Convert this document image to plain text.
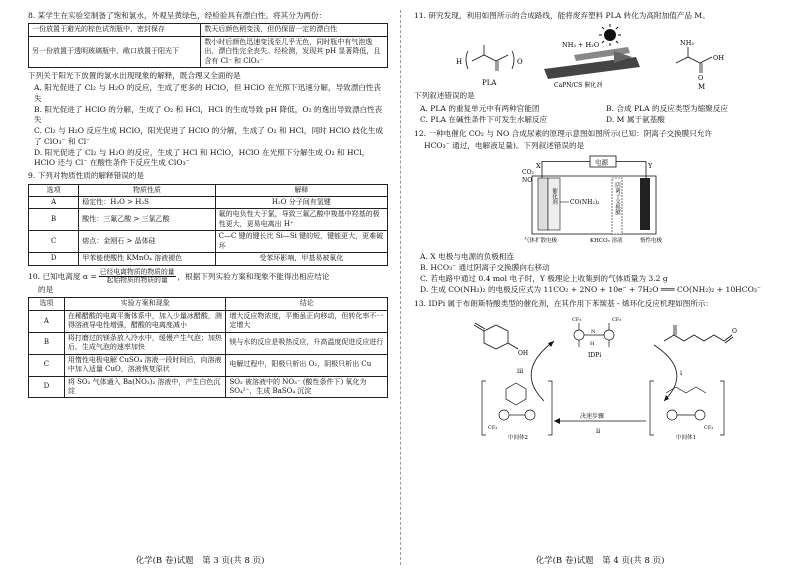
8. 某学生在实验室制备了饱和氯水，外观呈黄绿色，经检验具有漂白性。将其分为两份：

一份放置于避光的棕色试剂瓶中，密封保存	数天后颜色稍变浅，但仍保留一定的漂白性
另一份放置于透明玻璃瓶中，敞口放置于阳光下	数小时后颜色迅速变浅至几乎无色，同时瓶中有气泡逸出，漂白性完全丧失。经检测，发现其 pH 显著降低，且含有 Cl⁻ 和 ClO₃⁻

下列关于阳光下放置的氯水出现现象的解释，既合理又全面的是

A. 阳光促进了 Cl₂ 与 H₂O 的反应，生成了更多的 HClO，但 HClO 在光照下迅速分解，导致漂白性丧失

B. 阳光促进了 HClO 的分解，生成了 O₂ 和 HCl，HCl 的生成导致 pH 降低，O₂ 的逸出导致漂白性丧失

C. Cl₂ 与 H₂O 反应生成 HClO，阳光促进了 HClO 的分解，生成了 O₂ 和 HCl，同时 HClO 歧化生成了 ClO₃⁻ 和 Cl⁻

D. 阳光促进了 Cl₂ 与 H₂O 的反应，生成了 HCl 和 HClO，HClO 在光照下分解生成 O₂ 和 HCl，HClO 还与 Cl⁻ 在酸性条件下反应生成 ClO₃⁻

9. 下列对物质性质的解释错误的是

选项	物质性质	解释
A	稳定性：H₂O > H₂S	H₂O 分子间有氢键
B	酸性：三氟乙酸 > 三氯乙酸	氟的电负性大于氯，导致三氟乙酸中羧基中羟基的极性更大，更易电离出 H⁺
C	熔点：金刚石 > 晶体硅	C—C 键的键长比 Si—Si 键的短，键能更大，更难破坏
D	甲苯能使酸性 KMnO₄ 溶液褪色	受苯环影响，甲基易被氧化
10. 已知电离度 α =
已经电离物质的物质的量
起始物质的物质的量 ，根据下列实验方案和现象不能得出相应结论

的是

选项	实验方案和现象	结论
A	在稀醋酸的电离平衡体系中，加入少量冰醋酸，测得溶液导电性增强，醋酸的电离度减小	增大反应物浓度，平衡虽正向移动，但转化率不一定增大
B	将打磨过的镁条放入冷水中，缓慢产生气泡；加热后，生成气泡的速率加快	镁与水的反应是吸热反应，升高温度促进反应进行
C	用惰性电极电解 CuSO₄ 溶液一段时间后，向溶液中加入适量 CuO，溶液恢复原状	电解过程中，阳极只析出 O₂，阴极只析出 Cu
D	将 SO₂ 气体通入 Ba(NO₃)₂ 溶液中，产生白色沉淀	SO₂ 被溶液中的 NO₃⁻ (酸性条件下) 氧化为 SO₄²⁻，生成 BaSO₄ 沉淀
化学(B 卷)试题　第 3 页(共 8 页)

11. 研究发现，利用如图所示的合成路线，能将废弃塑料 PLA 转化为高附加值产品 M。

H	O
PLA
NH₃ + H₂O
CaPN/CS 催化剂
NH₂
OH
O
M

下列叙述错误的是

A. PLA 的重复单元中有两种官能团	B. 合成 PLA 的反应类型为缩聚反应

C. PLA 在碱性条件下可发生水解反应	D. M 属于氨基酸

12. 一种电催化 CO₂ 与 NO 合成尿素的原理示意图如图所示(已知：阴离子交换膜只允许

HCO₃⁻ 通过，电解液足量)。下列叙述错误的是

电源
X	Y
催化剂	阴离子交换膜
CO₂
NO
CO(NH₂)₂
气体扩散电极	KHCO₃ 溶液	惰性电极

A. X 电极与电源的负极相连

B. HCO₃⁻ 通过阴离子交换膜向右移动

C. 若电路中通过 0.4 mol 电子时，Y 极理论上收集到的气体质量为 3.2 g

D. 生成 CO(NH₂)₂ 的电极反应式为 11CO₂ + 2NO + 10e⁻ + 7H₂O ═══ CO(NH₂)₂ + 10HCO₃⁻

13. IDPi 属于布朗斯特酸类型的催化剂，在其作用下苯羰基 - 烯环化反应机理如图所示：

OH
CF₃	CF₃
N
H
IDPi
O
i
iii
决速步骤
ii
CF₃
中间体2
CF₃
中间体1
化学(B 卷)试题　第 4 页(共 8 页)
